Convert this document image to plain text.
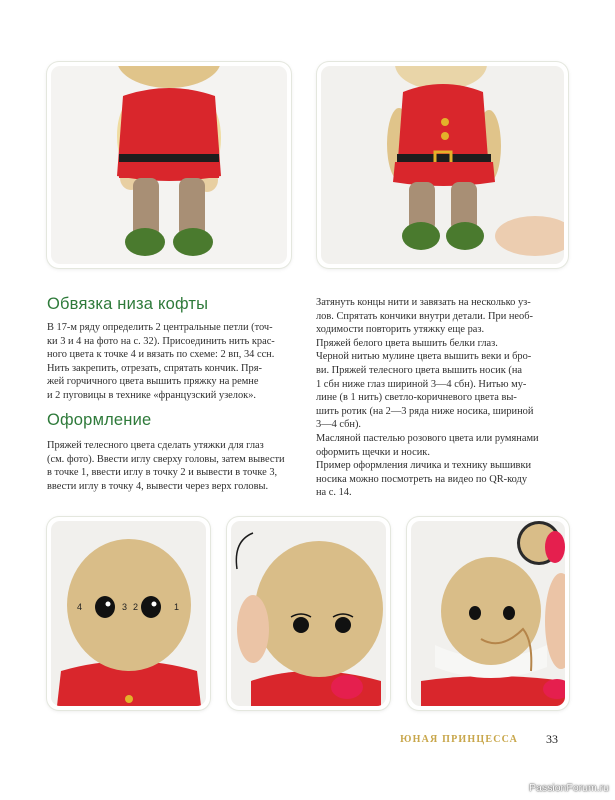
Обвязка низа кофты

В 17-м ряду определить 2 центральные петли (точ-

ки 3 и 4 на фото на с. 32). Присоединить нить крас-

ного цвета к точке 4 и вязать по схеме: 2 вп, 34 ссн.

Нить закрепить, отрезать, спрятать кончик. Пря-

жей горчичного цвета вышить пряжку на ремне

и 2 пуговицы в технике «французский узелок».

Оформление

Пряжей телесного цвета сделать утяжки для глаз

(см. фото). Ввести иглу сверху головы, затем вывести

в точке 1, ввести иглу в точку 2 и вывести в точке 3,

ввести иглу в точку 4, вывести через верх головы.

Затянуть концы нити и завязать на несколько уз-

лов. Спрятать кончики внутри детали. При необ-

ходимости повторить утяжку еще раз.

Пряжей белого цвета вышить белки глаз.

Черной нитью мулине цвета вышить веки и бро-

ви. Пряжей телесного цвета вышить носик (на

1 сбн ниже глаз шириной 3—4 сбн). Нитью му-

лине (в 1 нить) светло-коричневого цвета вы-

шить ротик (на 2—3 ряда ниже носика, шириной

3—4 сбн).

Масляной пастелью розового цвета или румянами

оформить щечки и носик.

Пример оформления личика и технику вышивки

носика можно посмотреть на видео по QR-коду

на с. 14.

4	3 2	1
ЮНАЯ ПРИНЦЕССА 33
PassionForum.ru
